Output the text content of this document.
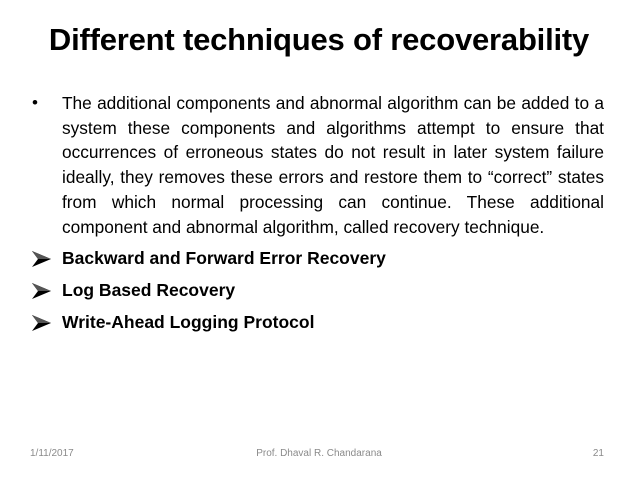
Different techniques of recoverability
• The additional components and abnormal algorithm can be added to a system these components and algorithms attempt to ensure that occurrences of erroneous states do not result in later system failure ideally, they removes these errors and restore them to “correct” states from which normal processing can continue. These additional component and abnormal algorithm, called recovery technique.
Backward and Forward Error Recovery
Log Based Recovery
Write-Ahead Logging Protocol
1/11/2017	Prof. Dhaval R. Chandarana	21
